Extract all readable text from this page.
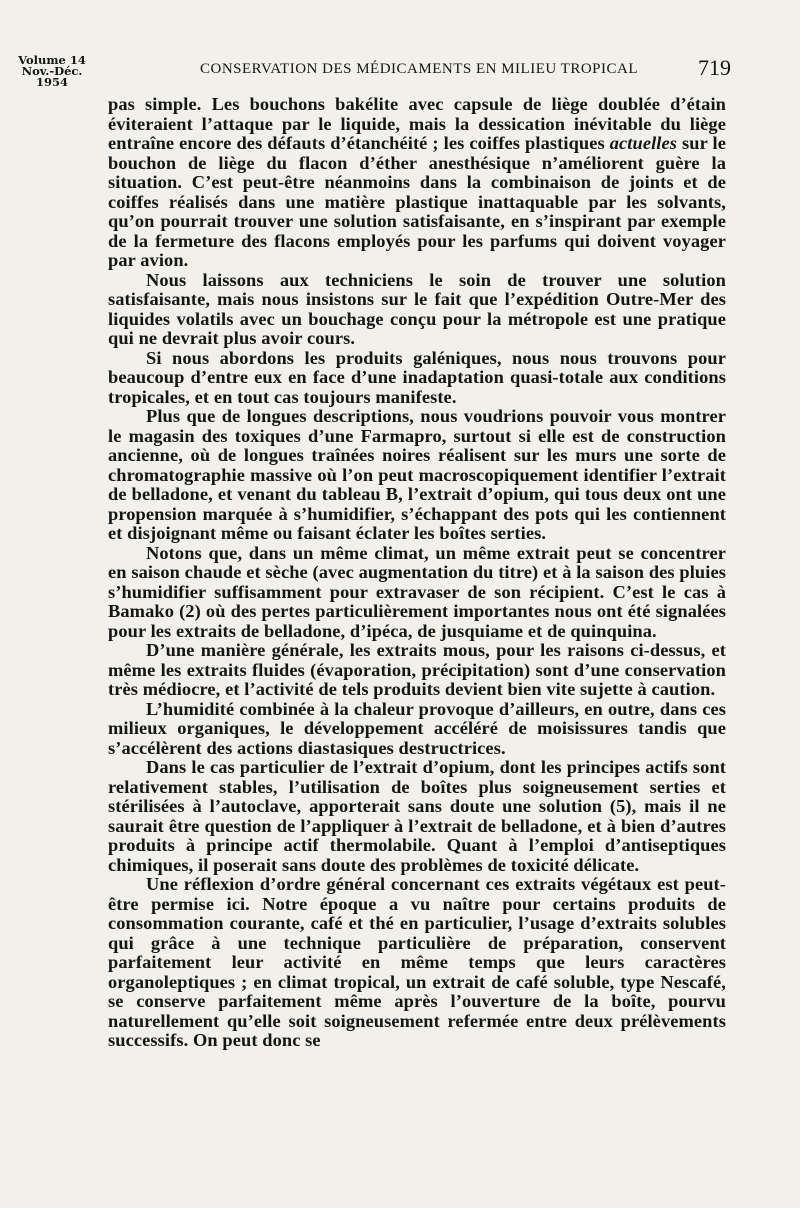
Volume 14
Nov.-Déc. 1954
CONSERVATION DES MÉDICAMENTS EN MILIEU TROPICAL	719

pas simple. Les bouchons bakélite avec capsule de liège doublée d’étain éviteraient l’attaque par le liquide, mais la dessication inévitable du liège entraîne encore des défauts d’étanchéité ; les coiffes plastiques actuelles sur le bouchon de liège du flacon d’éther anesthésique n’améliorent guère la situation. C’est peut-être néanmoins dans la combinaison de joints et de coiffes réalisés dans une matière plastique inattaquable par les solvants, qu’on pourrait trouver une solution satisfaisante, en s’inspirant par exemple de la fermeture des flacons employés pour les parfums qui doivent voyager par avion.

Nous laissons aux techniciens le soin de trouver une solution satisfaisante, mais nous insistons sur le fait que l’expédition Outre-Mer des liquides volatils avec un bouchage conçu pour la métropole est une pratique qui ne devrait plus avoir cours.

Si nous abordons les produits galéniques, nous nous trouvons pour beaucoup d’entre eux en face d’une inadaptation quasi-totale aux conditions tropicales, et en tout cas toujours manifeste.

Plus que de longues descriptions, nous voudrions pouvoir vous montrer le magasin des toxiques d’une Farmapro, surtout si elle est de construction ancienne, où de longues traînées noires réalisent sur les murs une sorte de chromatographie massive où l’on peut macroscopiquement identifier l’extrait de belladone, et venant du tableau B, l’extrait d’opium, qui tous deux ont une propension marquée à s’humidifier, s’échappant des pots qui les contiennent et disjoignant même ou faisant éclater les boîtes serties.

Notons que, dans un même climat, un même extrait peut se concentrer en saison chaude et sèche (avec augmentation du titre) et à la saison des pluies s’humidifier suffisamment pour extravaser de son récipient. C’est le cas à Bamako (2) où des pertes particulièrement importantes nous ont été signalées pour les extraits de belladone, d’ipéca, de jusquiame et de quinquina.

D’une manière générale, les extraits mous, pour les raisons ci-dessus, et même les extraits fluides (évaporation, précipitation) sont d’une conservation très médiocre, et l’activité de tels produits devient bien vite sujette à caution.

L’humidité combinée à la chaleur provoque d’ailleurs, en outre, dans ces milieux organiques, le développement accéléré de moisissures tandis que s’accélèrent des actions diastasiques destructrices.

Dans le cas particulier de l’extrait d’opium, dont les principes actifs sont relativement stables, l’utilisation de boîtes plus soigneusement serties et stérilisées à l’autoclave, apporterait sans doute une solution (5), mais il ne saurait être question de l’appliquer à l’extrait de belladone, et à bien d’autres produits à principe actif thermolabile. Quant à l’emploi d’antiseptiques chimiques, il poserait sans doute des problèmes de toxicité délicate.

Une réflexion d’ordre général concernant ces extraits végétaux est peut-être permise ici. Notre époque a vu naître pour certains produits de consommation courante, café et thé en particulier, l’usage d’extraits solubles qui grâce à une technique particulière de préparation, conservent parfaitement leur activité en même temps que leurs caractères organoleptiques ; en climat tropical, un extrait de café soluble, type Nescafé, se conserve parfaitement même après l’ouverture de la boîte, pourvu naturellement qu’elle soit soigneusement refermée entre deux prélèvements successifs. On peut donc se
